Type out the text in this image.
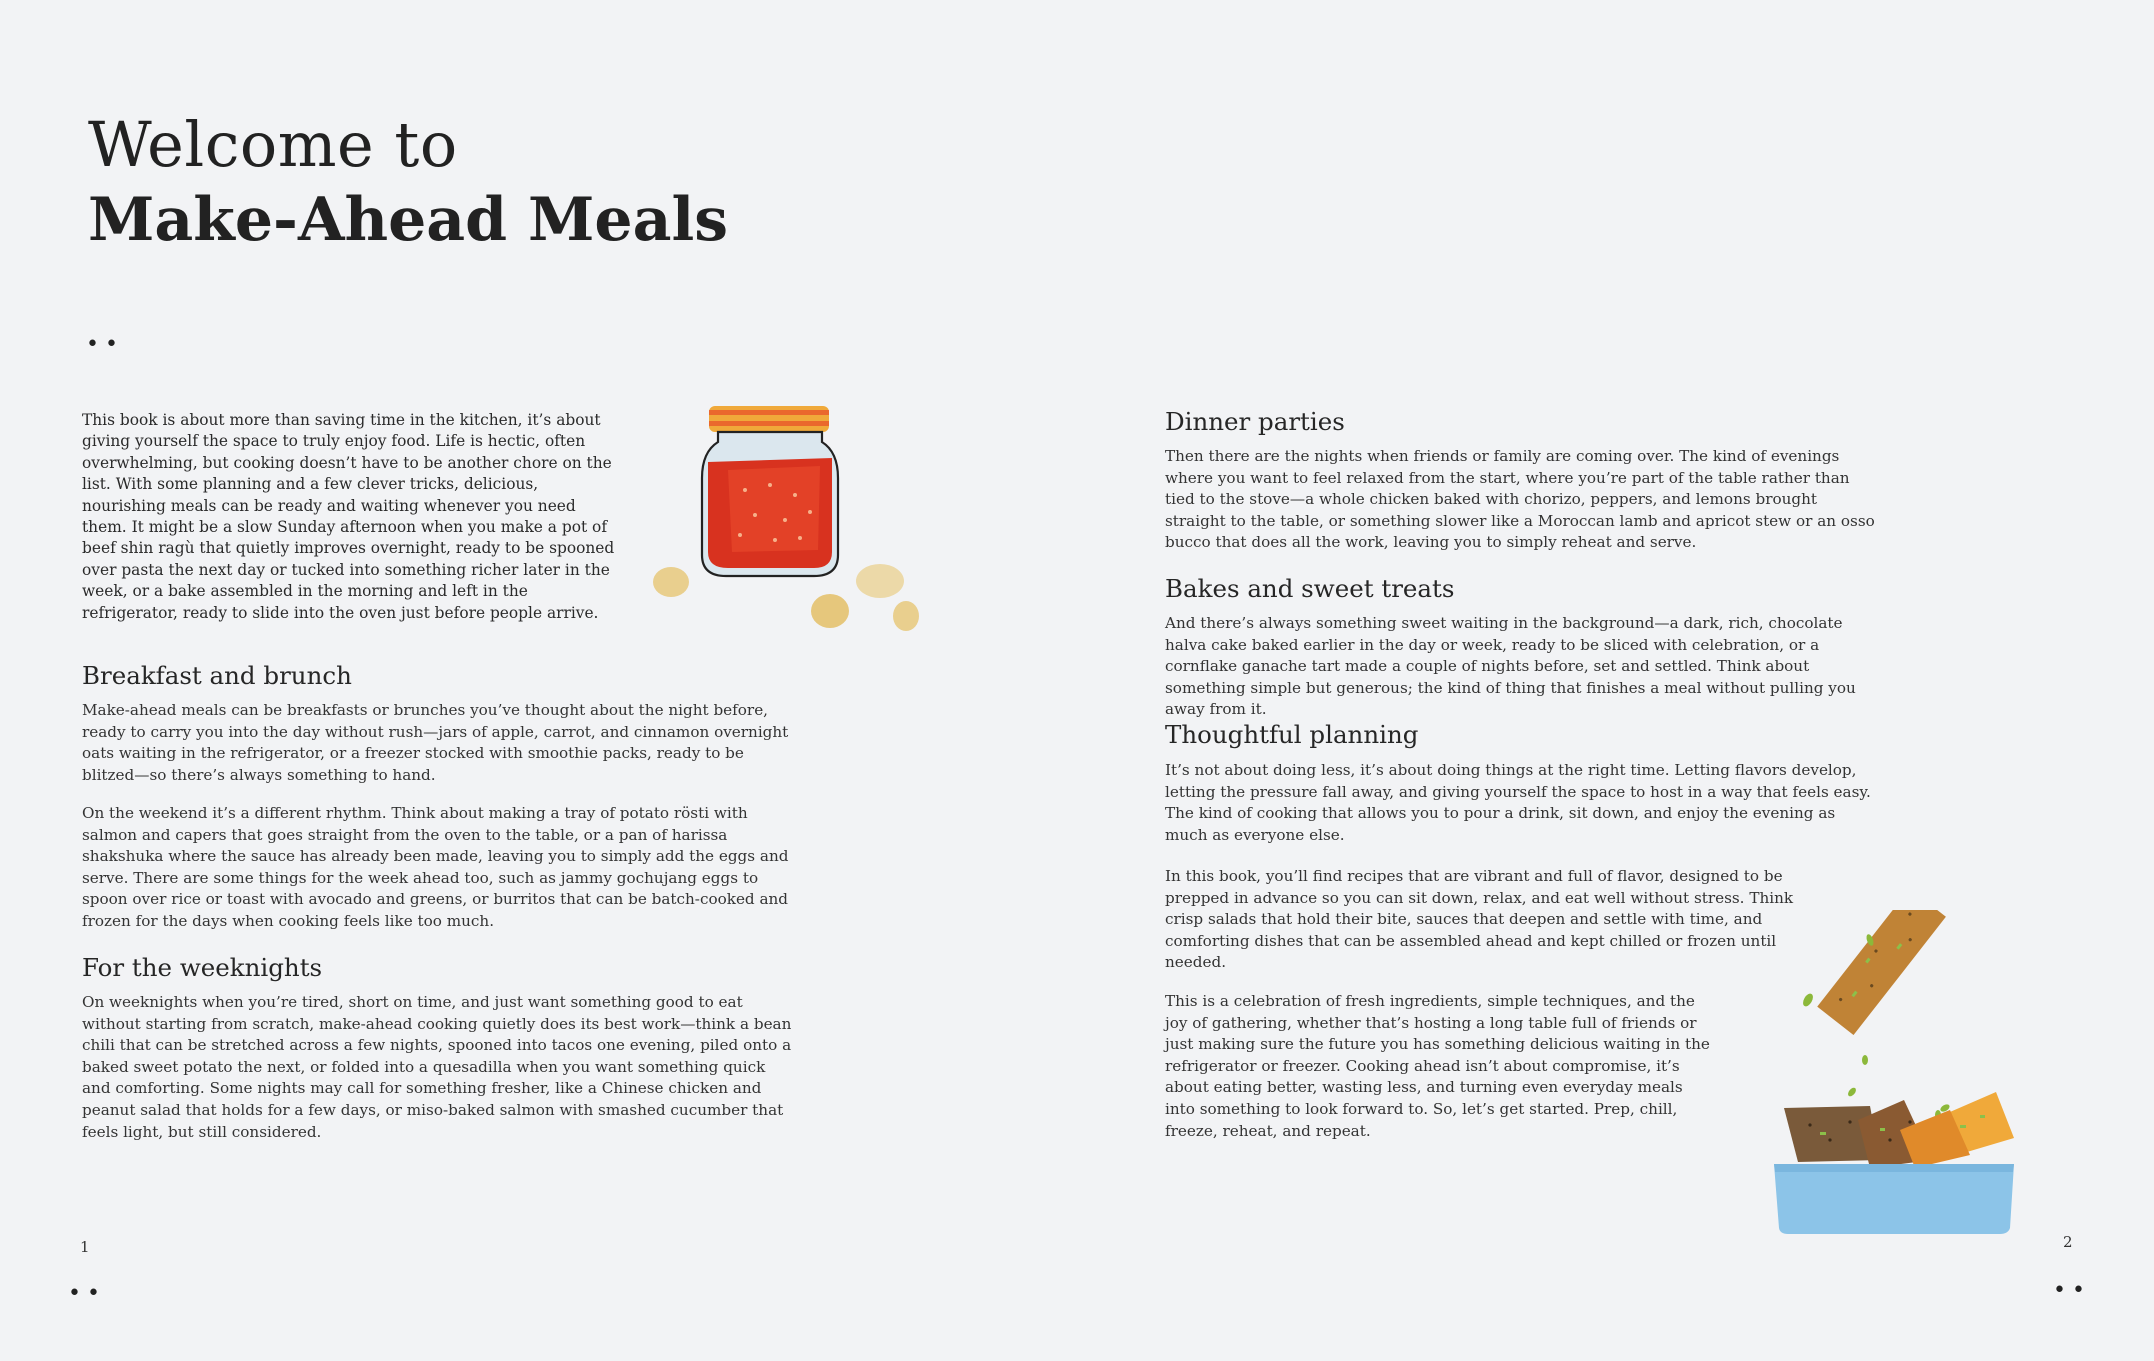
Welcome to
Make-Ahead Meals
••

This book is about more than saving time in the kitchen, it’s about giving yourself the space to truly enjoy food. Life is hectic, often overwhelming, but cooking doesn’t have to be another chore on the list. With some planning and a few clever tricks, delicious, nourishing meals can be ready and waiting whenever you need them. It might be a slow Sunday afternoon when you make a pot of beef shin ragù that quietly improves overnight, ready to be spooned over pasta the next day or tucked into something richer later in the week, or a bake assembled in the morning and left in the refrigerator, ready to slide into the oven just before people arrive.

Breakfast and brunch

Make-ahead meals can be breakfasts or brunches you’ve thought about the night before, ready to carry you into the day without rush—jars of apple, carrot, and cinnamon overnight oats waiting in the refrigerator, or a freezer stocked with smoothie packs, ready to be blitzed—so there’s always something to hand.

On the weekend it’s a different rhythm. Think about making a tray of potato rösti with salmon and capers that goes straight from the oven to the table, or a pan of harissa shakshuka where the sauce has already been made, leaving you to simply add the eggs and serve. There are some things for the week ahead too, such as jammy gochujang eggs to spoon over rice or toast with avocado and greens, or burritos that can be batch-cooked and frozen for the days when cooking feels like too much.

For the weeknights

On weeknights when you’re tired, short on time, and just want something good to eat without starting from scratch, make-ahead cooking quietly does its best work—think a bean chili that can be stretched across a few nights, spooned into tacos one evening, piled onto a baked sweet potato the next, or folded into a quesadilla when you want something quick and comforting. Some nights may call for something fresher, like a Chinese chicken and peanut salad that holds for a few days, or miso-baked salmon with smashed cucumber that feels light, but still considered.

1
••
Dinner parties

Then there are the nights when friends or family are coming over. The kind of evenings where you want to feel relaxed from the start, where you’re part of the table rather than tied to the stove—a whole chicken baked with chorizo, peppers, and lemons brought straight to the table, or something slower like a Moroccan lamb and apricot stew or an osso bucco that does all the work, leaving you to simply reheat and serve.

Bakes and sweet treats

And there’s always something sweet waiting in the background—a dark, rich, chocolate halva cake baked earlier in the day or week, ready to be sliced with celebration, or a cornflake ganache tart made a couple of nights before, set and settled. Think about something simple but generous; the kind of thing that finishes a meal without pulling you away from it.

Thoughtful planning

It’s not about doing less, it’s about doing things at the right time. Letting flavors develop, letting the pressure fall away, and giving yourself the space to host in a way that feels easy. The kind of cooking that allows you to pour a drink, sit down, and enjoy the evening as much as everyone else.

In this book, you’ll find recipes that are vibrant and full of flavor, designed to be prepped in advance so you can sit down, relax, and eat well without stress. Think crisp salads that hold their bite, sauces that deepen and settle with time, and comforting dishes that can be assembled ahead and kept chilled or frozen until needed.

This is a celebration of fresh ingredients, simple techniques, and the joy of gathering, whether that’s hosting a long table full of friends or just making sure the future you has something delicious waiting in the refrigerator or freezer. Cooking ahead isn’t about compromise, it’s about eating better, wasting less, and turning even everyday meals into something to look forward to. So, let’s get started. Prep, chill, freeze, reheat, and repeat.

2
••
